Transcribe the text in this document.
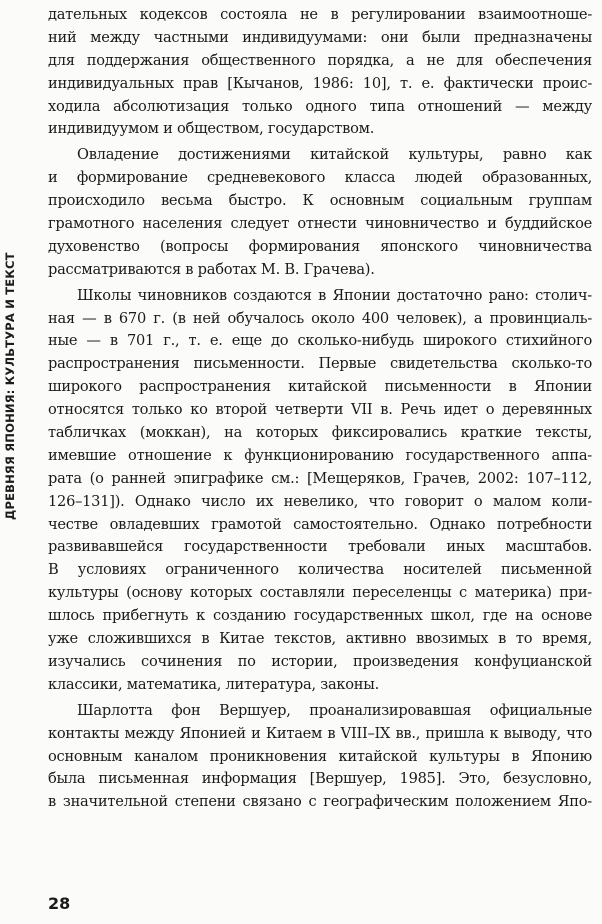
ДРЕВНЯЯ ЯПОНИЯ: КУЛЬТУРА И ТЕКСТ
дательных кодексов состояла не в регулировании взаимоотноше-
ний между частными индивидуумами: они были предназначены
для поддержания общественного порядка, а не для обеспечения
индивидуальных прав [Кычанов, 1986: 10], т. е. фактически проис-
ходила абсолютизация только одного типа отношений — между
индивидуумом и обществом, государством.
Овладение достижениями китайской культуры, равно как
и формирование средневекового класса людей образованных,
происходило весьма быстро. К основным социальным группам
грамотного населения следует отнести чиновничество и буддийское
духовенство (вопросы формирования японского чиновничества
рассматриваются в работах М. В. Грачева).
Школы чиновников создаются в Японии достаточно рано: столич-
ная — в 670 г. (в ней обучалось около 400 человек), а провинциаль-
ные — в 701 г., т. е. еще до сколько-нибудь широкого стихийного
распространения письменности. Первые свидетельства сколько-то
широкого распространения китайской письменности в Японии
относятся только ко второй четверти VII в. Речь идет о деревянных
табличках (моккан), на которых фиксировались краткие тексты,
имевшие отношение к функционированию государственного аппа-
рата (о ранней эпиграфике см.: [Мещеряков, Грачев, 2002: 107–112,
126–131]). Однако число их невелико, что говорит о малом коли-
честве овладевших грамотой самостоятельно. Однако потребности
развивавшейся государственности требовали иных масштабов.
В условиях ограниченного количества носителей письменной
культуры (основу которых составляли переселенцы с материка) при-
шлось прибегнуть к созданию государственных школ, где на основе
уже сложившихся в Китае текстов, активно ввозимых в то время,
изучались сочинения по истории, произведения конфуцианской
классики, математика, литература, законы.
Шарлотта фон Вершуер, проанализировавшая официальные
контакты между Японией и Китаем в VIII–IX вв., пришла к выводу, что
основным каналом проникновения китайской культуры в Японию
была письменная информация [Вершуер, 1985]. Это, безусловно,
в значительной степени связано с географическим положением Япо-
28
